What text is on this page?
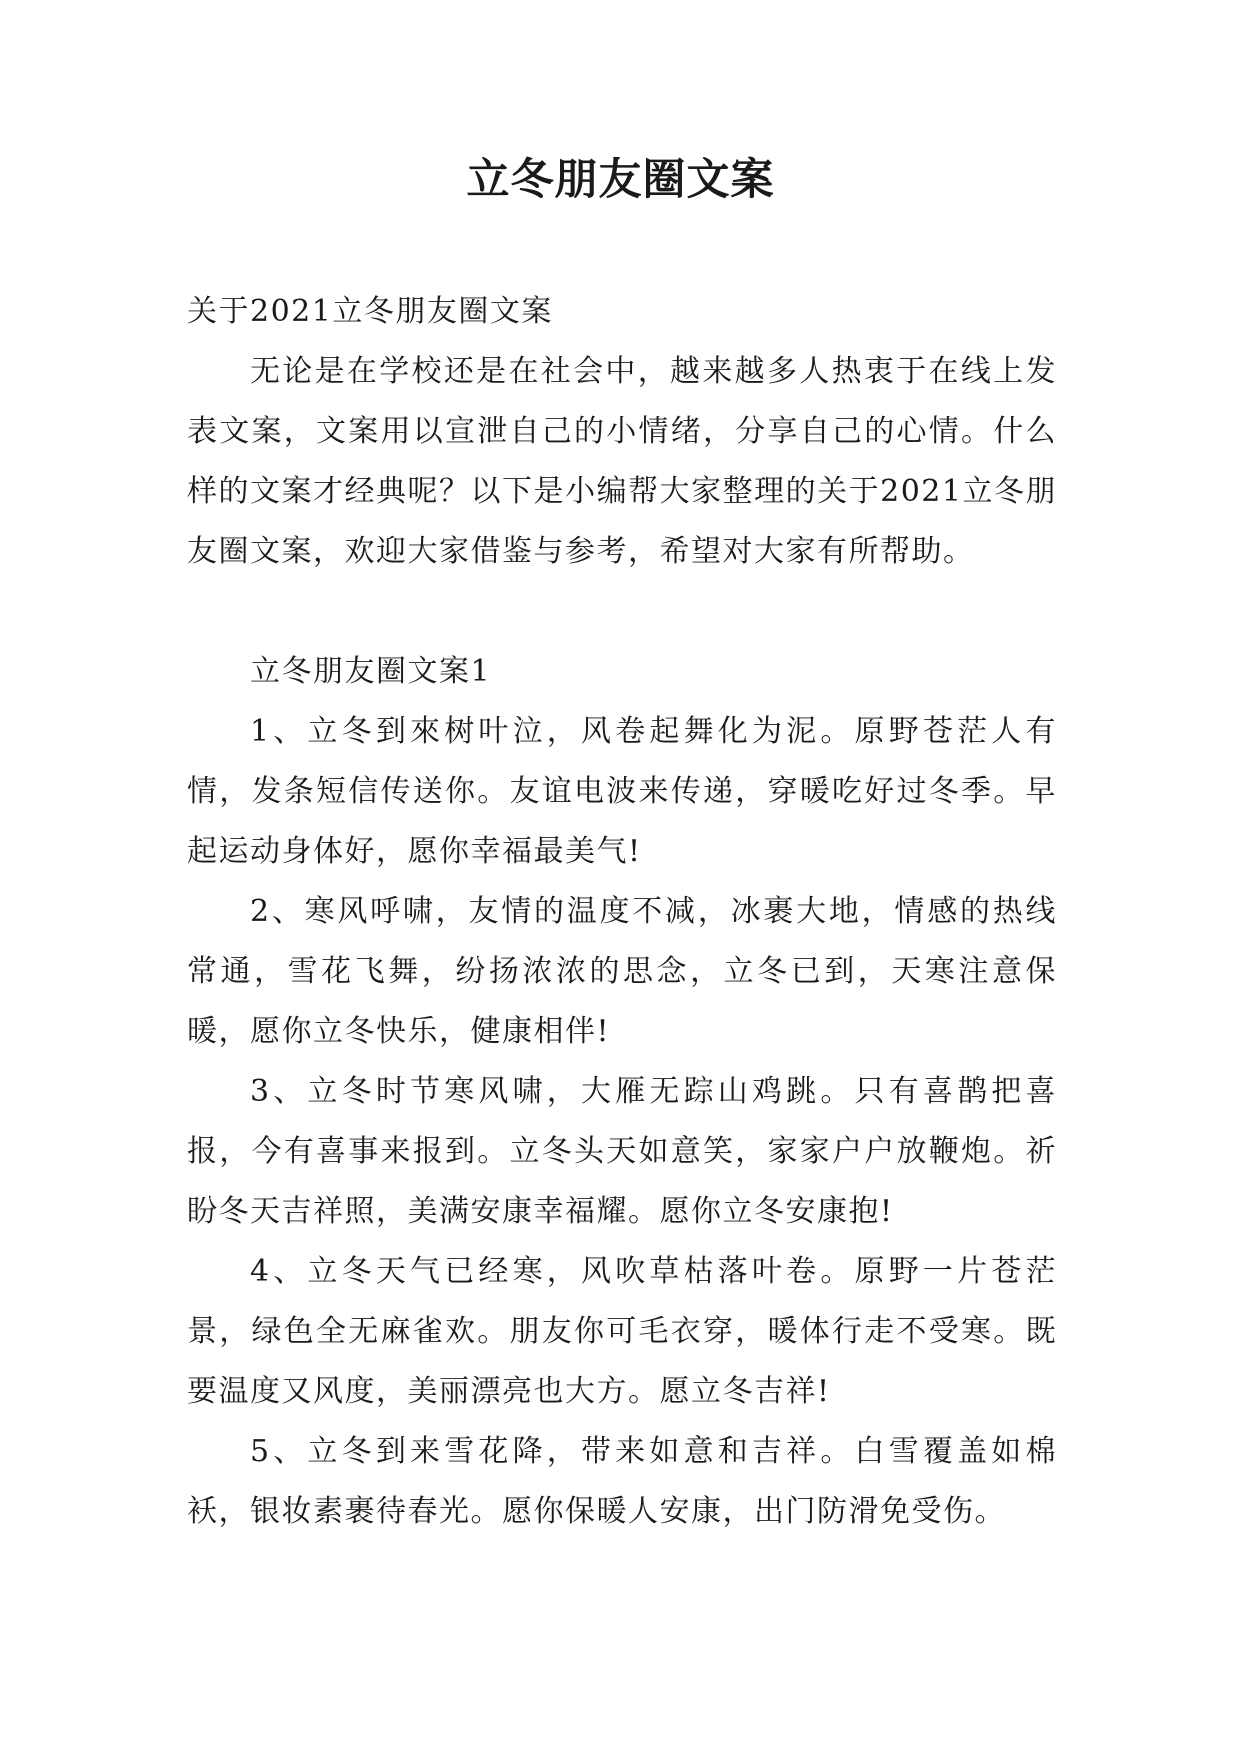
立冬朋友圈文案

关于2021立冬朋友圈文案

无论是在学校还是在社会中，越来越多人热衷于在线上发表文案，文案用以宣泄自己的小情绪，分享自己的心情。什么样的文案才经典呢？以下是小编帮大家整理的关于2021立冬朋友圈文案，欢迎大家借鉴与参考，希望对大家有所帮助。

立冬朋友圈文案1

1、立冬到來树叶泣，风卷起舞化为泥。原野苍茫人有情，发条短信传送你。友谊电波来传递，穿暖吃好过冬季。早起运动身体好，愿你幸福最美气!

2、寒风呼啸，友情的温度不减，冰裹大地，情感的热线常通，雪花飞舞，纷扬浓浓的思念，立冬已到，天寒注意保暖，愿你立冬快乐，健康相伴!

3、立冬时节寒风啸，大雁无踪山鸡跳。只有喜鹊把喜报，今有喜事来报到。立冬头天如意笑，家家户户放鞭炮。祈盼冬天吉祥照，美满安康幸福耀。愿你立冬安康抱!

4、立冬天气已经寒，风吹草枯落叶卷。原野一片苍茫景，绿色全无麻雀欢。朋友你可毛衣穿，暖体行走不受寒。既要温度又风度，美丽漂亮也大方。愿立冬吉祥!

5、立冬到来雪花降，带来如意和吉祥。白雪覆盖如棉袄，银妆素裹待春光。愿你保暖人安康，出门防滑免受伤。
